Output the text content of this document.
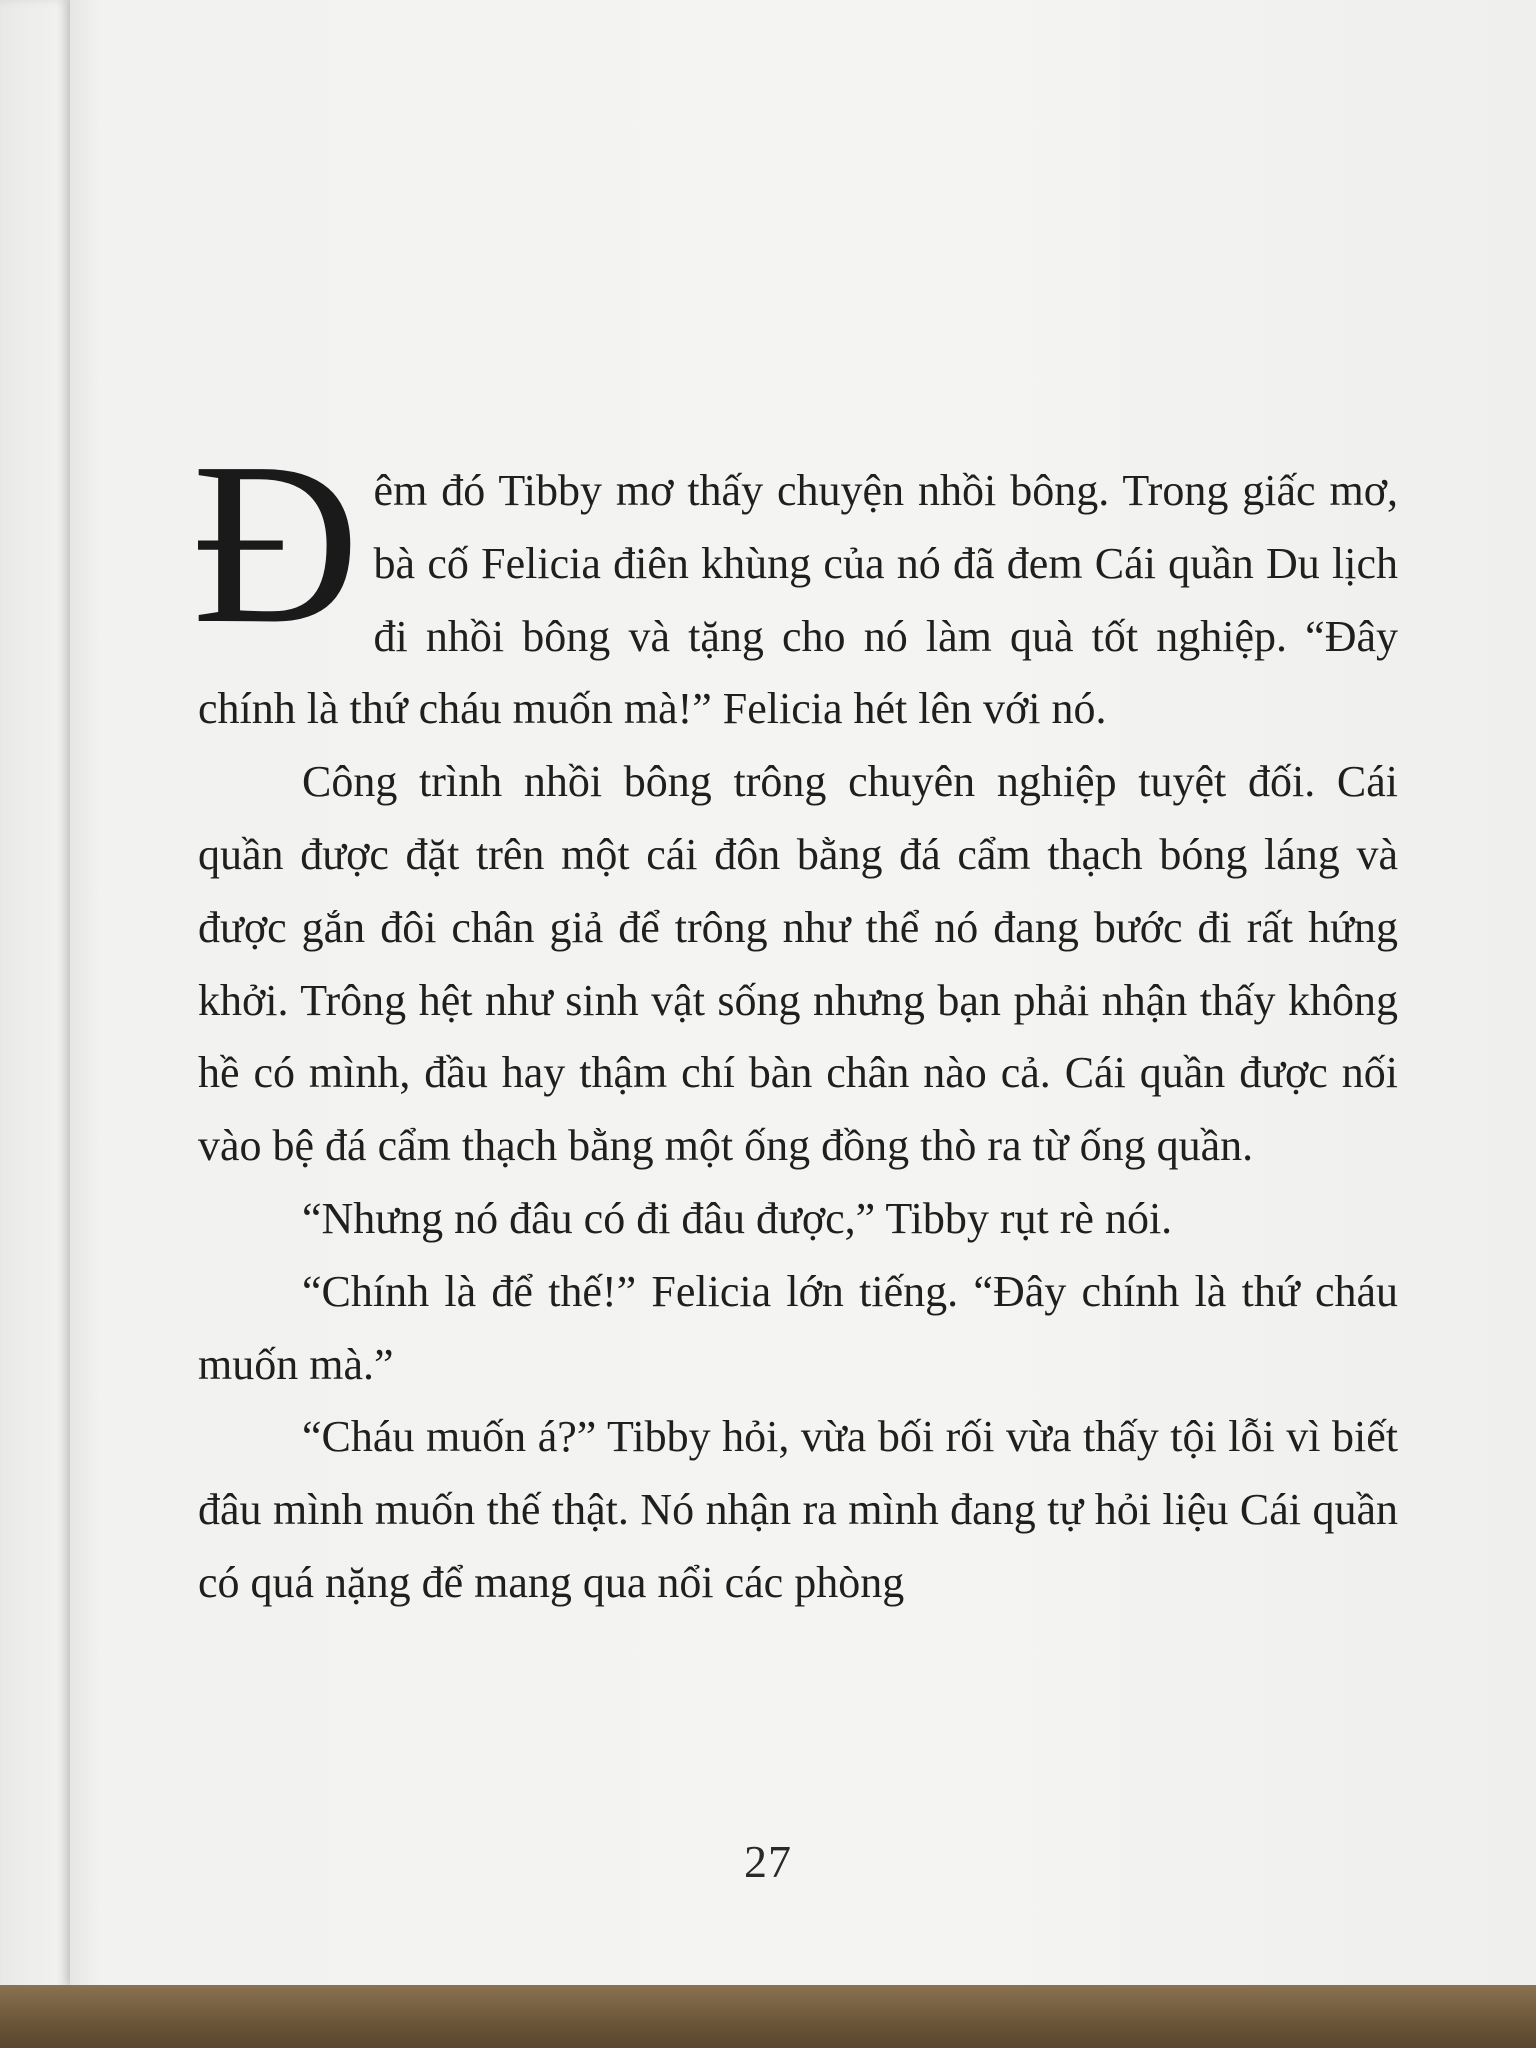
Đêm đó Tibby mơ thấy chuyện nhồi bông. Trong giấc mơ, bà cố Felicia điên khùng của nó đã đem Cái quần Du lịch đi nhồi bông và tặng cho nó làm quà tốt nghiệp. “Đây chính là thứ cháu muốn mà!” Felicia hét lên với nó.

Công trình nhồi bông trông chuyên nghiệp tuyệt đối. Cái quần được đặt trên một cái đôn bằng đá cẩm thạch bóng láng và được gắn đôi chân giả để trông như thể nó đang bước đi rất hứng khởi. Trông hệt như sinh vật sống nhưng bạn phải nhận thấy không hề có mình, đầu hay thậm chí bàn chân nào cả. Cái quần được nối vào bệ đá cẩm thạch bằng một ống đồng thò ra từ ống quần.

“Nhưng nó đâu có đi đâu được,” Tibby rụt rè nói.

“Chính là để thế!” Felicia lớn tiếng. “Đây chính là thứ cháu muốn mà.”

“Cháu muốn á?” Tibby hỏi, vừa bối rối vừa thấy tội lỗi vì biết đâu mình muốn thế thật. Nó nhận ra mình đang tự hỏi liệu Cái quần có quá nặng để mang qua nổi các phòng

27
